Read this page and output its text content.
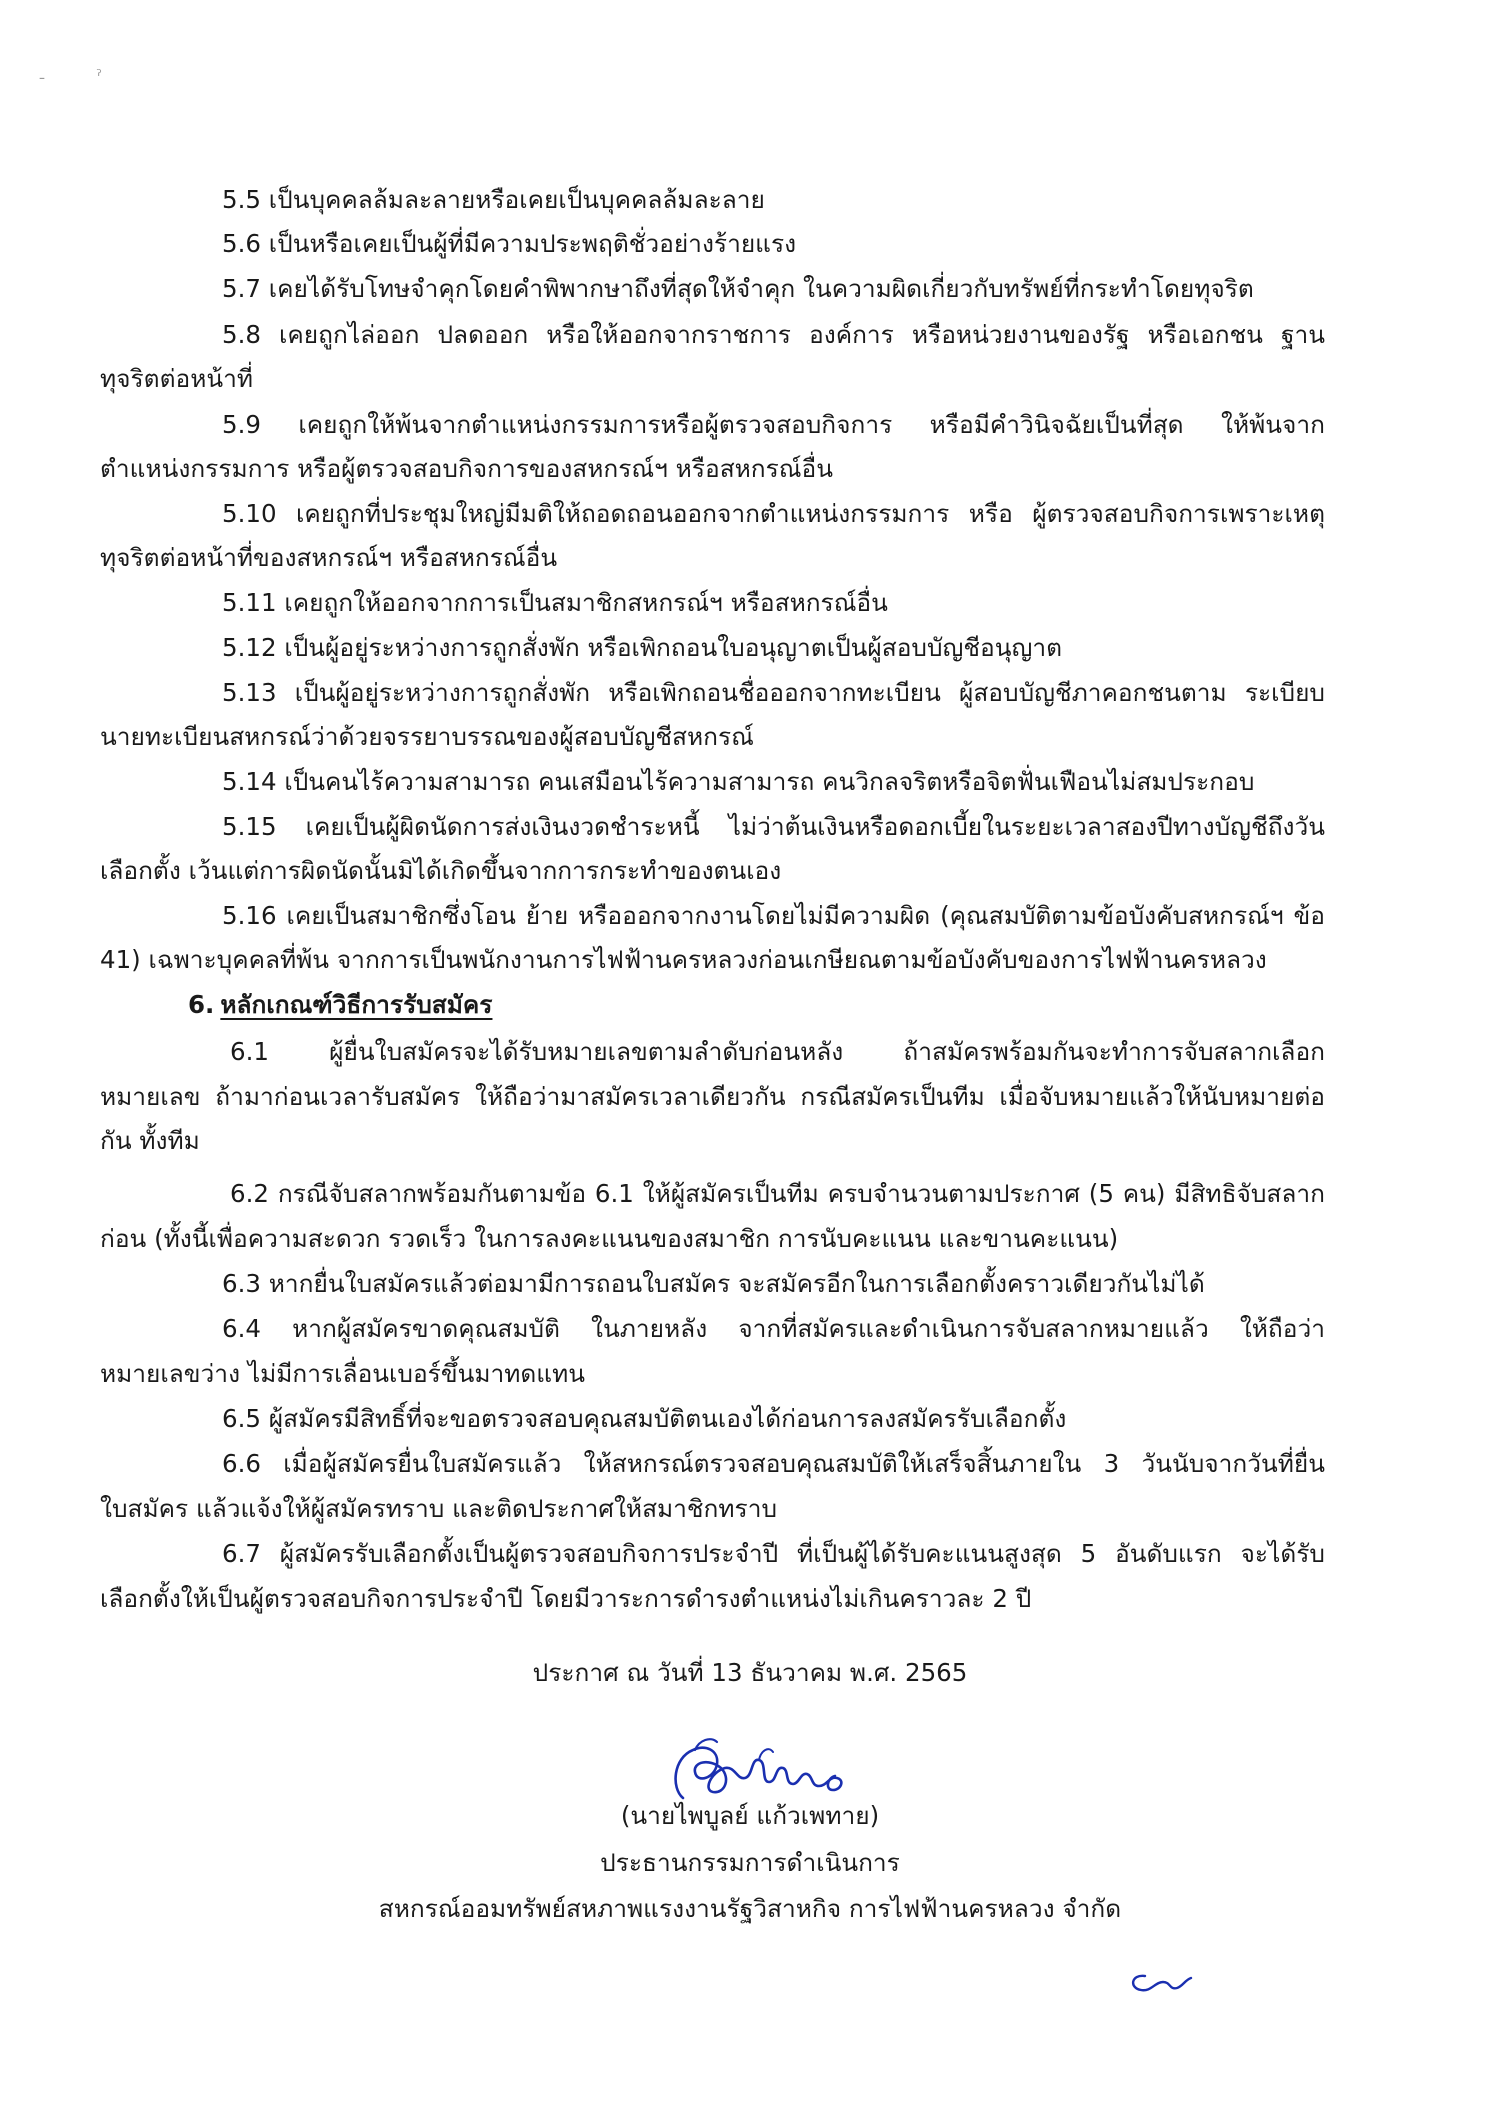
ˉ	ˀ
5.5 เป็นบุคคลล้มละลายหรือเคยเป็นบุคคลล้มละลาย
5.6 เป็นหรือเคยเป็นผู้ที่มีความประพฤติชั่วอย่างร้ายแรง
5.7 เคยได้รับโทษจำคุกโดยคำพิพากษาถึงที่สุดให้จำคุก ในความผิดเกี่ยวกับทรัพย์ที่กระทำโดยทุจริต
5.8 เคยถูกไล่ออก ปลดออก หรือให้ออกจากราชการ องค์การ หรือหน่วยงานของรัฐ หรือเอกชน ฐาน
ทุจริตต่อหน้าที่
5.9 เคยถูกให้พ้นจากตำแหน่งกรรมการหรือผู้ตรวจสอบกิจการ หรือมีคำวินิจฉัยเป็นที่สุด ให้พ้นจาก
ตำแหน่งกรรมการ หรือผู้ตรวจสอบกิจการของสหกรณ์ฯ หรือสหกรณ์อื่น
5.10 เคยถูกที่ประชุมใหญ่มีมติให้ถอดถอนออกจากตำแหน่งกรรมการ หรือ ผู้ตรวจสอบกิจการเพราะเหตุ
ทุจริตต่อหน้าที่ของสหกรณ์ฯ หรือสหกรณ์อื่น
5.11 เคยถูกให้ออกจากการเป็นสมาชิกสหกรณ์ฯ หรือสหกรณ์อื่น
5.12 เป็นผู้อยู่ระหว่างการถูกสั่งพัก หรือเพิกถอนใบอนุญาตเป็นผู้สอบบัญชีอนุญาต
5.13 เป็นผู้อยู่ระหว่างการถูกสั่งพัก หรือเพิกถอนชื่อออกจากทะเบียน ผู้สอบบัญชีภาคอกชนตาม ระเบียบ
นายทะเบียนสหกรณ์ว่าด้วยจรรยาบรรณของผู้สอบบัญชีสหกรณ์
5.14 เป็นคนไร้ความสามารถ คนเสมือนไร้ความสามารถ คนวิกลจริตหรือจิตฟั่นเฟือนไม่สมประกอบ
5.15 เคยเป็นผู้ผิดนัดการส่งเงินงวดชำระหนี้ ไม่ว่าต้นเงินหรือดอกเบี้ยในระยะเวลาสองปีทางบัญชีถึงวัน
เลือกตั้ง เว้นแต่การผิดนัดนั้นมิได้เกิดขึ้นจากการกระทำของตนเอง
5.16 เคยเป็นสมาชิกซึ่งโอน ย้าย หรือออกจากงานโดยไม่มีความผิด (คุณสมบัติตามข้อบังคับสหกรณ์ฯ ข้อ
41) เฉพาะบุคคลที่พ้น จากการเป็นพนักงานการไฟฟ้านครหลวงก่อนเกษียณตามข้อบังคับของการไฟฟ้านครหลวง
6. หลักเกณฑ์วิธีการรับสมัคร
6.1 ผู้ยื่นใบสมัครจะได้รับหมายเลขตามลำดับก่อนหลัง ถ้าสมัครพร้อมกันจะทำการจับสลากเลือก
หมายเลข ถ้ามาก่อนเวลารับสมัคร ให้ถือว่ามาสมัครเวลาเดียวกัน กรณีสมัครเป็นทีม เมื่อจับหมายแล้วให้นับหมายต่อ
กัน ทั้งทีม
6.2 กรณีจับสลากพร้อมกันตามข้อ 6.1 ให้ผู้สมัครเป็นทีม ครบจำนวนตามประกาศ (5 คน) มีสิทธิจับสลาก
ก่อน (ทั้งนี้เพื่อความสะดวก รวดเร็ว ในการลงคะแนนของสมาชิก การนับคะแนน และขานคะแนน)
6.3 หากยื่นใบสมัครแล้วต่อมามีการถอนใบสมัคร จะสมัครอีกในการเลือกตั้งคราวเดียวกันไม่ได้
6.4 หากผู้สมัครขาดคุณสมบัติ ในภายหลัง จากที่สมัครและดำเนินการจับสลากหมายแล้ว ให้ถือว่า
หมายเลขว่าง ไม่มีการเลื่อนเบอร์ขึ้นมาทดแทน
6.5 ผู้สมัครมีสิทธิ์ที่จะขอตรวจสอบคุณสมบัติตนเองได้ก่อนการลงสมัครรับเลือกตั้ง
6.6 เมื่อผู้สมัครยื่นใบสมัครแล้ว ให้สหกรณ์ตรวจสอบคุณสมบัติให้เสร็จสิ้นภายใน 3 วันนับจากวันที่ยื่น
ใบสมัคร แล้วแจ้งให้ผู้สมัครทราบ และติดประกาศให้สมาชิกทราบ
6.7 ผู้สมัครรับเลือกตั้งเป็นผู้ตรวจสอบกิจการประจำปี ที่เป็นผู้ได้รับคะแนนสูงสุด 5 อันดับแรก จะได้รับ
เลือกตั้งให้เป็นผู้ตรวจสอบกิจการประจำปี โดยมีวาระการดำรงตำแหน่งไม่เกินคราวละ 2 ปี
ประกาศ ณ วันที่ 13 ธันวาคม พ.ศ. 2565
(นายไพบูลย์ แก้วเพทาย)
ประธานกรรมการดำเนินการ
สหกรณ์ออมทรัพย์สหภาพแรงงานรัฐวิสาหกิจ การไฟฟ้านครหลวง จำกัด
